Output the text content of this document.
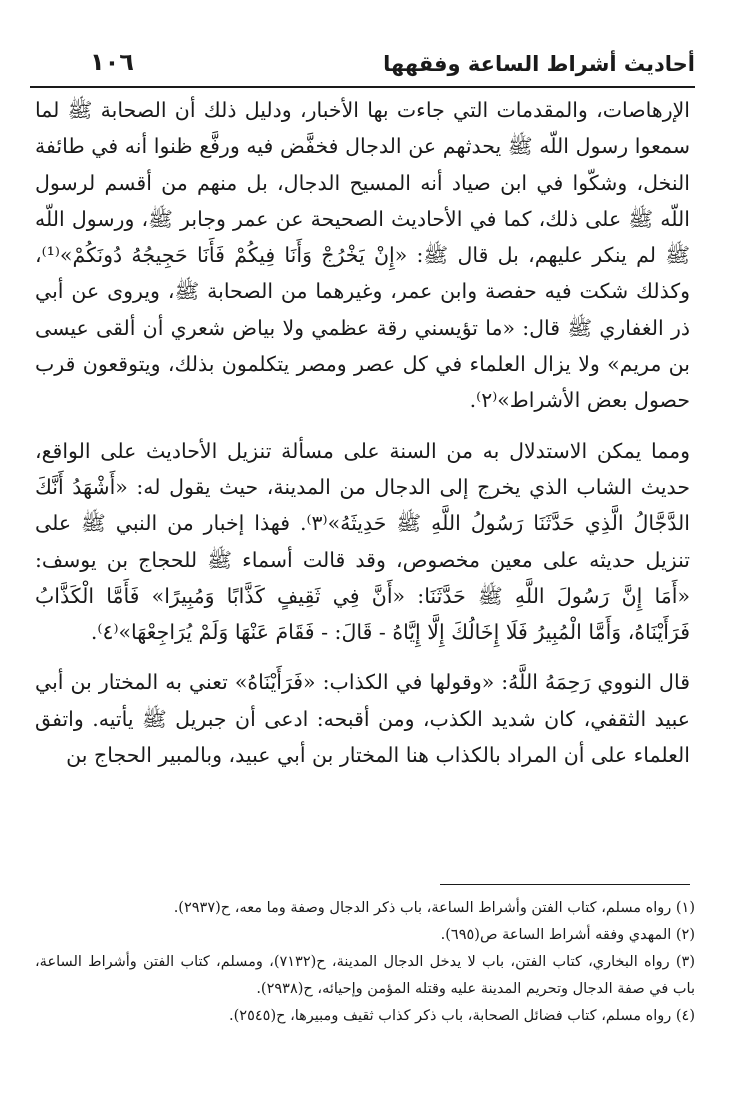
أحاديث أشراط الساعة وفقهها
١٠٦

الإرهاصات، والمقدمات التي جاءت بها الأخبار، ودليل ذلك أن الصحابة ﷺ لما سمعوا رسول اللّه ﷺ يحدثهم عن الدجال فخفَّض فيه ورفَّع ظنوا أنه في طائفة النخل، وشكّوا في ابن صياد أنه المسيح الدجال، بل منهم من أقسم لرسول اللّه ﷺ على ذلك، كما في الأحاديث الصحيحة عن عمر وجابر ﷺ، ورسول اللّه ﷺ لم ينكر عليهم، بل قال ﷺ: «إِنْ يَخْرُجْ وَأَنَا فِيكُمْ فَأَنَا حَجِيجُهُ دُونَكُمْ»⁽¹⁾، وكذلك شكت فيه حفصة وابن عمر، وغيرهما من الصحابة ﷺ، ويروى عن أبي ذر الغفاري ﷺ قال: «ما تؤيسني رقة عظمي ولا بياض شعري أن ألقى عيسى بن مريم» ولا يزال العلماء في كل عصر ومصر يتكلمون بذلك، ويتوقعون قرب حصول بعض الأشراط»⁽٢⁾.

ومما يمكن الاستدلال به من السنة على مسألة تنزيل الأحاديث على الواقع، حديث الشاب الذي يخرج إلى الدجال من المدينة، حيث يقول له: «أَشْهَدُ أَنَّكَ الدَّجَّالُ الَّذِي حَدَّثَنَا رَسُولُ اللَّهِ ﷺ حَدِيثَهُ»⁽٣⁾. فهذا إخبار من النبي ﷺ على تنزيل حديثه على معين مخصوص، وقد قالت أسماء ﷺ للحجاج بن يوسف: «أَمَا إِنَّ رَسُولَ اللَّهِ ﷺ حَدَّثَنَا: «أَنَّ فِي ثَقِيفٍ كَذَّابًا وَمُبِيرًا» فَأَمَّا الْكَذَّابُ فَرَأَيْنَاهُ، وَأَمَّا الْمُبِيرُ فَلَا إِخَالُكَ إِلَّا إِيَّاهُ - قَالَ: - فَقَامَ عَنْهَا وَلَمْ يُرَاجِعْهَا»⁽٤⁾.

قال النووي رَحِمَهُ اللَّهُ: «وقولها في الكذاب: «فَرَأَيْنَاهُ» تعني به المختار بن أبي عبيد الثقفي، كان شديد الكذب، ومن أقبحه: ادعى أن جبريل ﷺ يأتيه. واتفق العلماء على أن المراد بالكذاب هنا المختار بن أبي عبيد، وبالمبير الحجاج بن

(١) رواه مسلم، كتاب الفتن وأشراط الساعة، باب ذكر الدجال وصفة وما معه، ح(٢٩٣٧).

(٢) المهدي وفقه أشراط الساعة ص(٦٩٥).

(٣) رواه البخاري، كتاب الفتن، باب لا يدخل الدجال المدينة، ح(٧١٣٢)، ومسلم، كتاب الفتن وأشراط الساعة، باب في صفة الدجال وتحريم المدينة عليه وقتله المؤمن وإحيائه، ح(٢٩٣٨).

(٤) رواه مسلم، كتاب فضائل الصحابة، باب ذكر كذاب ثقيف ومبيرها، ح(٢٥٤٥).
